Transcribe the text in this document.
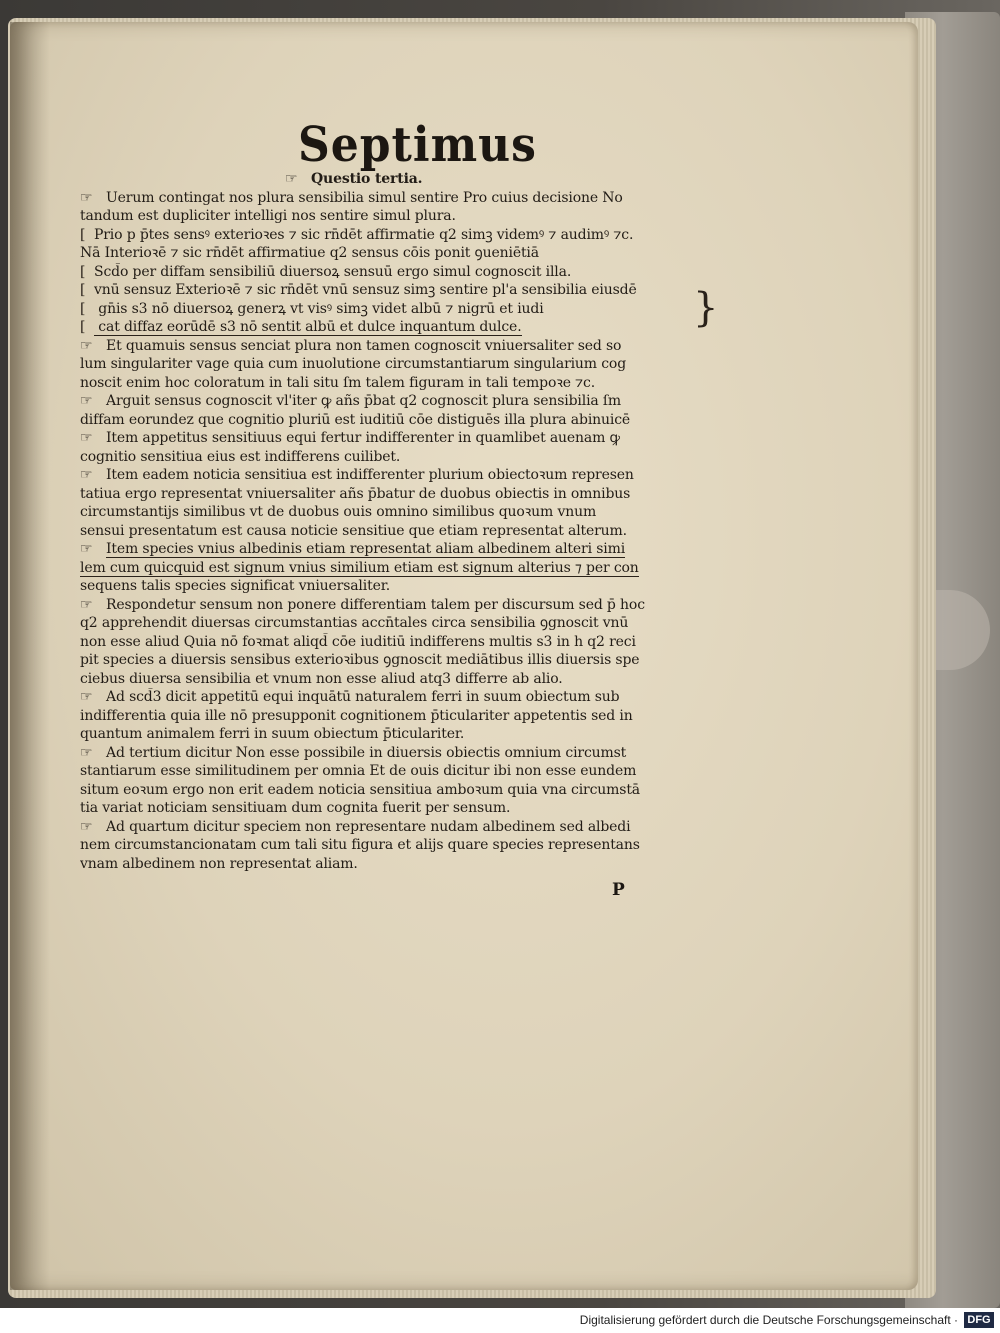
Septimus
☞ Questio tertia.
☞ Uerum contingat nos plura sensibilia simul sentire Pro cuius decisione No
tandum est dupliciter intelligi nos sentire simul plura.
[ Prio p p̄tes sensꝰ exterioꝛes ⁊ sic rn̄dēt affirmatie q2 simꝫ videmꝰ ⁊ audimꝰ ⁊c.
Nā Interioꝛē ⁊ sic rn̄dēt affirmatiue q2 sensus cōis ponit ꝯueniētiā
[ Scd̄o per diffam sensibiliū diuersoꝝ sensuū ergo simul cognoscit illa.
[ vnū sensuz Exterioꝛē ⁊ sic rn̄dēt vnū sensuz simꝫ sentire pl'a sensibilia eiusdē
[ gn̄is s3 nō diuersoꝝ generꝝ vt visꝰ simꝫ videt albū ⁊ nigrū et iudi
[ cat diffaz eorūdē s3 nō sentit albū et dulce inquantum dulce.
☞ Et quamuis sensus senciat plura non tamen cognoscit vniuersaliter sed so
lum singulariter vage quia cum inuolutione circumstantiarum singularium cog
noscit enim hoc coloratum in tali situ ſm talem figuram in tali tempoꝛe ⁊c.
☞ Arguit sensus cognoscit vl'iter ꝙ añs p̄bat q2 cognoscit plura sensibilia ſm
diffam eorundez que cognitio pluriū est iuditiū cōe distiguēs illa plura abinuicē
☞ Item appetitus sensitiuus equi fertur indifferenter in quamlibet auenam ꝙ
cognitio sensitiua eius est indifferens cuilibet.
☞ Item eadem noticia sensitiua est indifferenter plurium obiectoꝛum represen
tatiua ergo representat vniuersaliter añs p̄batur de duobus obiectis in omnibus
circumstantijs similibus vt de duobus ouis omnino similibus quoꝛum vnum
sensui presentatum est causa noticie sensitiue que etiam representat alterum.
☞ Item species vnius albedinis etiam representat aliam albedinem alteri simi
lem cum quicquid est signum vnius similium etiam est signum alterius ⁊ per con
sequens talis species significat vniuersaliter.
☞ Respondetur sensum non ponere differentiam talem per discursum sed p̄ hoc
q2 apprehendit diuersas circumstantias accn̄tales circa sensibilia ꝯgnoscit vnū
non esse aliud Quia nō foꝛmat aliqd̄ cōe iuditiū indifferens multis s3 in h q2 reci
pit species a diuersis sensibus exterioꝛibus ꝯgnoscit mediātibus illis diuersis spe
ciebus diuersa sensibilia et vnum non esse aliud atq3 differre ab alio.
☞ Ad scd̄3 dicit appetitū equi inquātū naturalem ferri in suum obiectum sub
indifferentia quia ille nō presupponit cognitionem p̄ticulariter appetentis sed in
quantum animalem ferri in suum obiectum p̄ticulariter.
☞ Ad tertium dicitur Non esse possibile in diuersis obiectis omnium circumst
stantiarum esse similitudinem per omnia Et de ouis dicitur ibi non esse eundem
situm eoꝛum ergo non erit eadem noticia sensitiua amboꝛum quia vna circumstā
tia variat noticiam sensitiuam dum cognita fuerit per sensum.
☞ Ad quartum dicitur speciem non representare nudam albedinem sed albedi
nem circumstancionatam cum tali situ figura et alijs quare species representans
vnam albedinem non representat aliam.
}
P
Digitalisierung gefördert durch die Deutsche Forschungsgemeinschaft · DFG
